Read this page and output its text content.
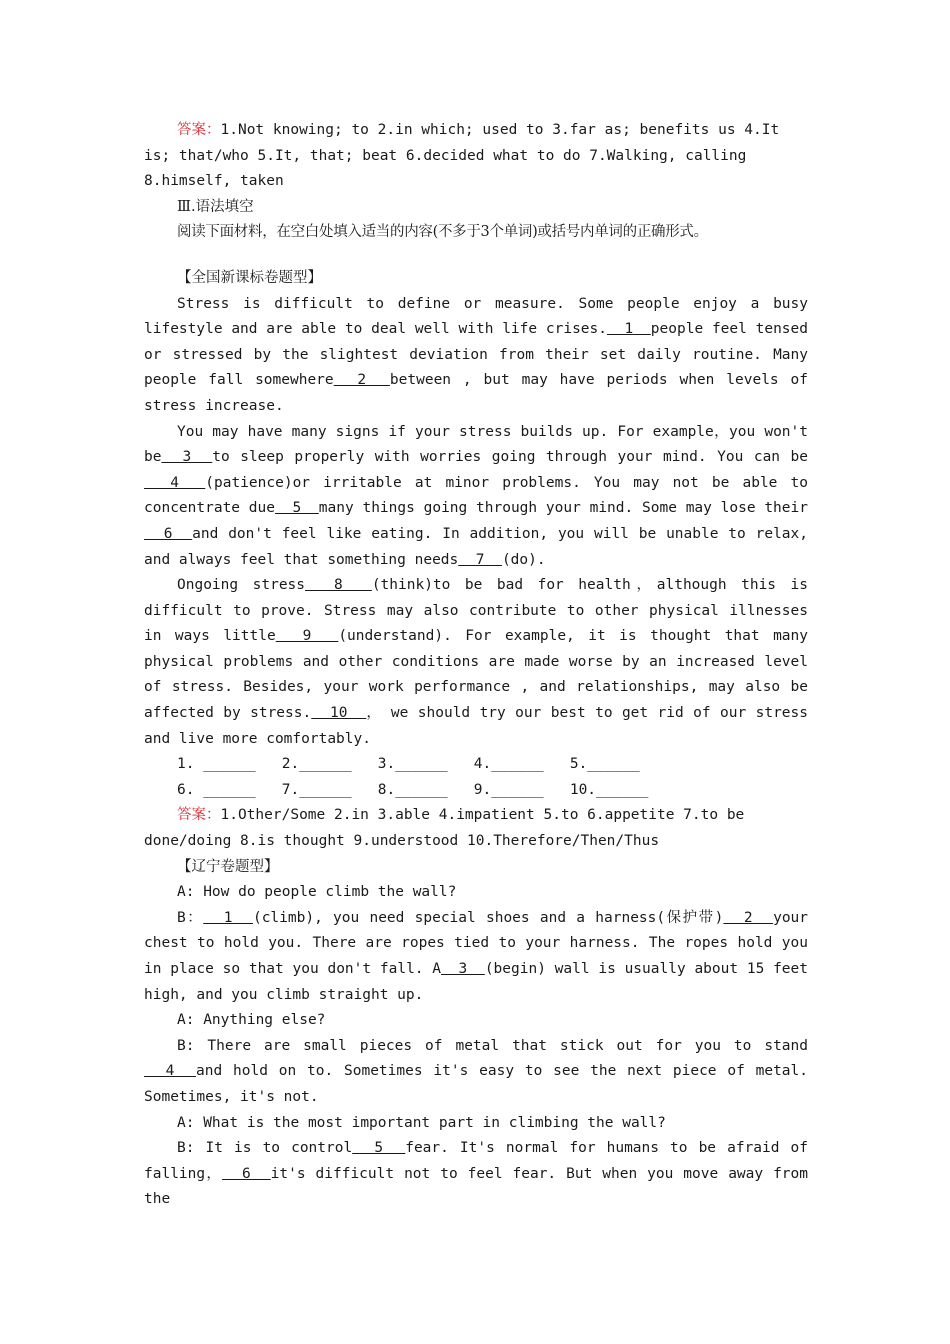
答案：1.Not knowing; to 2.in which; used to 3.far as; benefits us 4.It

is; that/who 5.It, that; beat 6.decided what to do 7.Walking, calling

8.himself, taken

Ⅲ.语法填空

阅读下面材料，在空白处填入适当的内容(不多于3个单词)或括号内单词的正确形式。

【全国新课标卷题型】

Stress is difficult to define or measure. Some people enjoy a busy lifestyle and are able to deal well with life crises.  1  people feel tensed or stressed by the slightest deviation from their set daily routine. Many people fall somewhere  2  between , but may have periods when levels of stress increase.

You may have many signs if your stress builds up. For example，you won't be  3  to sleep properly with worries going through your mind. You can be  4  (patience)or irritable at minor problems. You may not be able to concentrate due  5  many things going through your mind. Some may lose their  6  and don't feel like eating. In addition, you will be unable to relax, and always feel that something needs  7  (do).

Ongoing stress  8  (think)to be bad for health，although this is difficult to prove. Stress may also contribute to other physical illnesses in ways little  9  (understand). For example, it is thought that many physical problems and other conditions are made worse by an increased level of stress. Besides, your work performance , and relationships, may also be affected by stress.  10  ， we should try our best to get rid of our stress and live more comfortably.

1. ______   2.______   3.______   4.______   5.______

6. ______   7.______   8.______   9.______   10.______

答案：1.Other/Some 2.in 3.able 4.impatient 5.to 6.appetite 7.to be

done/doing 8.is thought 9.understood 10.Therefore/Then/Thus

【辽宁卷题型】

A: How do people climb the wall?

B：  1  (climb), you need special shoes and a harness(保护带)  2  your chest to hold you. There are ropes tied to your harness. The ropes hold you in place so that you don't fall. A  3  (begin) wall is usually about 15 feet high, and you climb straight up.

A: Anything else?

B: There are small pieces of metal that stick out for you to stand  4  and hold on to. Sometimes it's easy to see the next piece of metal. Sometimes, it's not.

A: What is the most important part in climbing the wall?

B: It is to control  5  fear. It's normal for humans to be afraid of falling，  6  it's difficult not to feel fear. But when you move away from the
